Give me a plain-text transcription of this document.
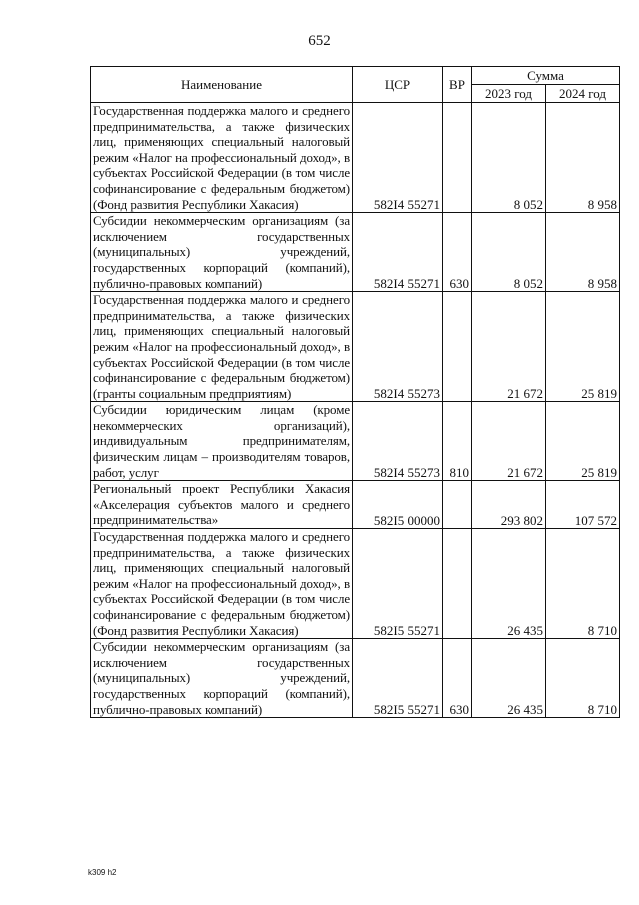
652
Наименование	ЦСР	ВР	Сумма	
			2023 год	2024 год
Государственная поддержка малого и среднего предпринимательства, а также физических лиц, применяющих специальный налоговый режим «Налог на профессиональный доход», в субъектах Российской Федерации (в том числе софинансирование с федеральным бюджетом) (Фонд развития Республики Хакасия)	582I4 55271		8 052	8 958
Субсидии некоммерческим организациям (за исключением государственных (муниципальных) учреждений, государственных корпораций (компаний), публично-правовых компаний)	582I4 55271	630	8 052	8 958
Государственная поддержка малого и среднего предпринимательства, а также физических лиц, применяющих специальный налоговый режим «Налог на профессиональный доход», в субъектах Российской Федерации (в том числе софинансирование с федеральным бюджетом) (гранты социальным предприятиям)	582I4 55273		21 672	25 819
Субсидии юридическим лицам (кроме некоммерческих организаций), индивидуальным предпринимателям, физическим лицам – производителям товаров, работ, услуг	582I4 55273	810	21 672	25 819
Региональный проект Республики Хакасия «Акселерация субъектов малого и среднего предпринимательства»	582I5 00000		293 802	107 572
Государственная поддержка малого и среднего предпринимательства, а также физических лиц, применяющих специальный налоговый режим «Налог на профессиональный доход», в субъектах Российской Федерации (в том числе софинансирование с федеральным бюджетом) (Фонд развития Республики Хакасия)	582I5 55271		26 435	8 710
Субсидии некоммерческим организациям (за исключением государственных (муниципальных) учреждений, государственных корпораций (компаний), публично-правовых компаний)	582I5 55271	630	26 435	8 710
k309 h2
